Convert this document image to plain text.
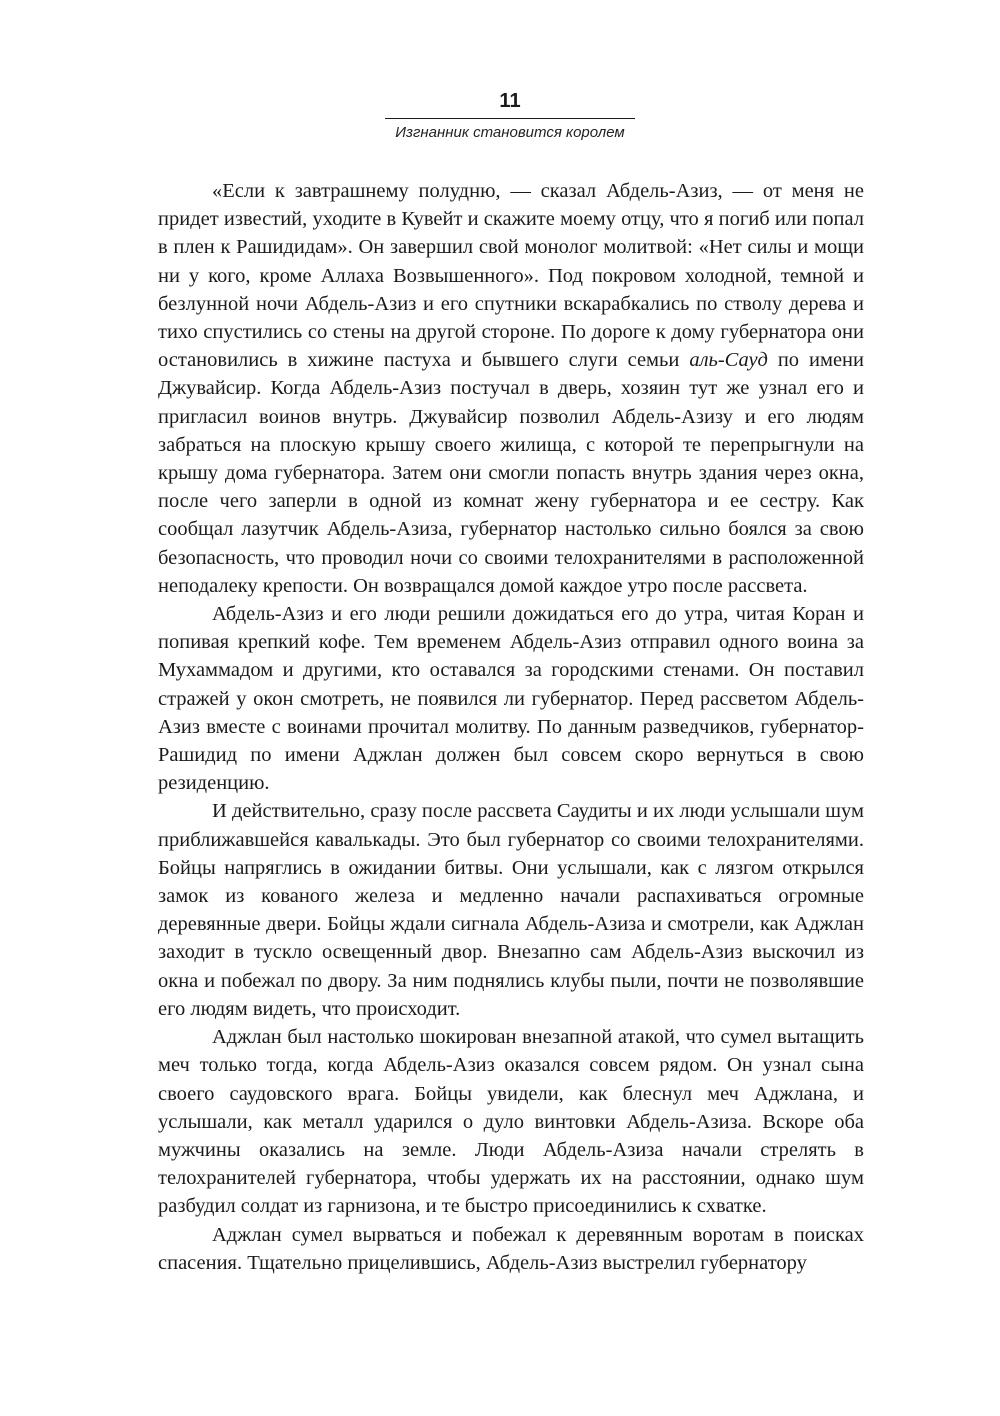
11
Изгнанник становится королем

«Если к завтрашнему полудню, — сказал Абдель-Азиз, — от меня не придет известий, уходите в Кувейт и скажите моему отцу, что я погиб или попал в плен к Рашидидам». Он завершил свой монолог молитвой: «Нет силы и мощи ни у кого, кроме Аллаха Возвышенного». Под покровом холодной, темной и безлунной ночи Абдель-Азиз и его спутники вскарабкались по стволу дерева и тихо спустились со стены на другой стороне. По дороге к дому губернатора они остановились в хижине пастуха и бывшего слуги семьи аль-Сауд по имени Джувайсир. Когда Абдель-Азиз постучал в дверь, хозяин тут же узнал его и пригласил воинов внутрь. Джувайсир позволил Абдель-Азизу и его людям забраться на плоскую крышу своего жилища, с которой те перепрыгнули на крышу дома губернатора. Затем они смогли попасть внутрь здания через окна, после чего заперли в одной из комнат жену губернатора и ее сестру. Как сообщал лазутчик Абдель-Азиза, губернатор настолько сильно боялся за свою безопасность, что проводил ночи со своими телохранителями в расположенной неподалеку крепости. Он возвращался домой каждое утро после рассвета.

Абдель-Азиз и его люди решили дожидаться его до утра, читая Коран и попивая крепкий кофе. Тем временем Абдель-Азиз отправил одного воина за Мухаммадом и другими, кто оставался за городскими стенами. Он поставил стражей у окон смотреть, не появился ли губернатор. Перед рассветом Абдель-Азиз вместе с воинами прочитал молитву. По данным разведчиков, губернатор-Рашидид по имени Аджлан должен был совсем скоро вернуться в свою резиденцию.

И действительно, сразу после рассвета Саудиты и их люди услышали шум приближавшейся кавалькады. Это был губернатор со своими телохранителями. Бойцы напряглись в ожидании битвы. Они услышали, как с лязгом открылся замок из кованого железа и медленно начали распахиваться огромные деревянные двери. Бойцы ждали сигнала Абдель-Азиза и смотрели, как Аджлан заходит в тускло освещенный двор. Внезапно сам Абдель-Азиз выскочил из окна и побежал по двору. За ним поднялись клубы пыли, почти не позволявшие его людям видеть, что происходит.

Аджлан был настолько шокирован внезапной атакой, что сумел вытащить меч только тогда, когда Абдель-Азиз оказался совсем рядом. Он узнал сына своего саудовского врага. Бойцы увидели, как блеснул меч Аджлана, и услышали, как металл ударился о дуло винтовки Абдель-Азиза. Вскоре оба мужчины оказались на земле. Люди Абдель-Азиза начали стрелять в телохранителей губернатора, чтобы удержать их на расстоянии, однако шум разбудил солдат из гарнизона, и те быстро присоединились к схватке.

Аджлан сумел вырваться и побежал к деревянным воротам в поисках спасения. Тщательно прицелившись, Абдель-Азиз выстрелил губернатору
